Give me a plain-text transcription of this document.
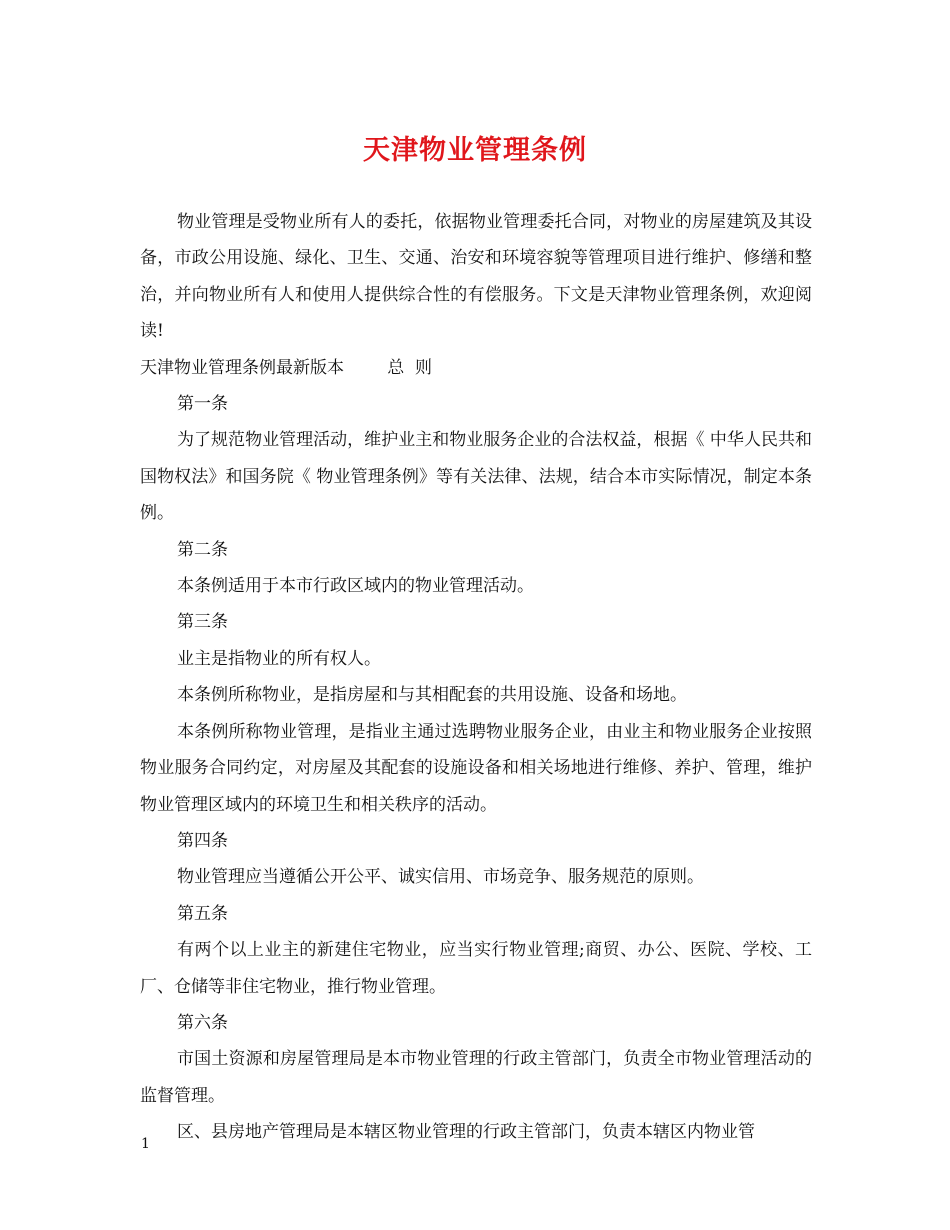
天津物业管理条例

物业管理是受物业所有人的委托，依据物业管理委托合同，对物业的房屋建筑及其设备，市政公用设施、绿化、卫生、交通、治安和环境容貌等管理项目进行维护、修缮和整治，并向物业所有人和使用人提供综合性的有偿服务。下文是天津物业管理条例，欢迎阅读!

天津物业管理条例最新版本        总  则

第一条

为了规范物业管理活动，维护业主和物业服务企业的合法权益，根据《 中华人民共和国物权法》和国务院《 物业管理条例》等有关法律、法规，结合本市实际情况，制定本条例。

第二条

本条例适用于本市行政区域内的物业管理活动。

第三条

业主是指物业的所有权人。

本条例所称物业，是指房屋和与其相配套的共用设施、设备和场地。

本条例所称物业管理，是指业主通过选聘物业服务企业，由业主和物业服务企业按照物业服务合同约定，对房屋及其配套的设施设备和相关场地进行维修、养护、管理，维护物业管理区域内的环境卫生和相关秩序的活动。

第四条

物业管理应当遵循公开公平、诚实信用、市场竞争、服务规范的原则。

第五条

有两个以上业主的新建住宅物业，应当实行物业管理;商贸、办公、医院、学校、工厂、仓储等非住宅物业，推行物业管理。

第六条

市国土资源和房屋管理局是本市物业管理的行政主管部门，负责全市物业管理活动的监督管理。

区、县房地产管理局是本辖区物业管理的行政主管部门，负责本辖区内物业管

1
